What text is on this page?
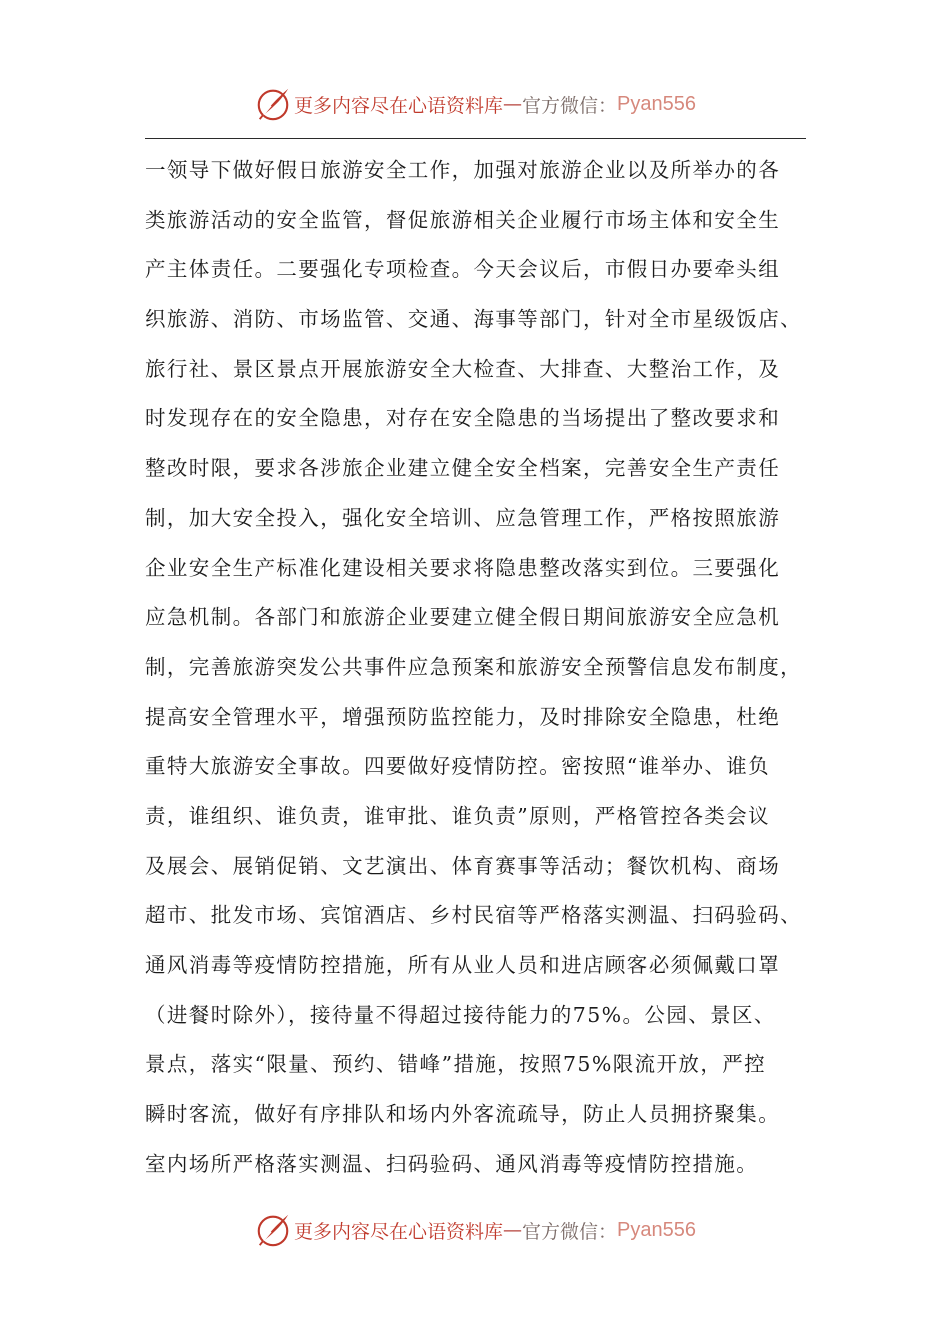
更多内容尽在心语资料库 — 官方微信： Pyan556
一领导下做好假日旅游安全工作，加强对旅游企业以及所举办的各
类旅游活动的安全监管，督促旅游相关企业履行市场主体和安全生
产主体责任。二要强化专项检查。今天会议后，市假日办要牵头组
织旅游、消防、市场监管、交通、海事等部门，针对全市星级饭店、
旅行社、景区景点开展旅游安全大检查、大排查、大整治工作，及
时发现存在的安全隐患，对存在安全隐患的当场提出了整改要求和
整改时限，要求各涉旅企业建立健全安全档案，完善安全生产责任
制，加大安全投入，强化安全培训、应急管理工作，严格按照旅游
企业安全生产标准化建设相关要求将隐患整改落实到位。三要强化
应急机制。各部门和旅游企业要建立健全假日期间旅游安全应急机
制，完善旅游突发公共事件应急预案和旅游安全预警信息发布制度，
提高安全管理水平，增强预防监控能力，及时排除安全隐患，杜绝
重特大旅游安全事故。四要做好疫情防控。密按照“谁举办、谁负
责，谁组织、谁负责，谁审批、谁负责”原则，严格管控各类会议
及展会、展销促销、文艺演出、体育赛事等活动；餐饮机构、商场
超市、批发市场、宾馆酒店、乡村民宿等严格落实测温、扫码验码、
通风消毒等疫情防控措施，所有从业人员和进店顾客必须佩戴口罩
（进餐时除外），接待量不得超过接待能力的75%。公园、景区、
景点，落实“限量、预约、错峰”措施，按照75%限流开放，严控
瞬时客流，做好有序排队和场内外客流疏导，防止人员拥挤聚集。
室内场所严格落实测温、扫码验码、通风消毒等疫情防控措施。
更多内容尽在心语资料库 — 官方微信： Pyan556
